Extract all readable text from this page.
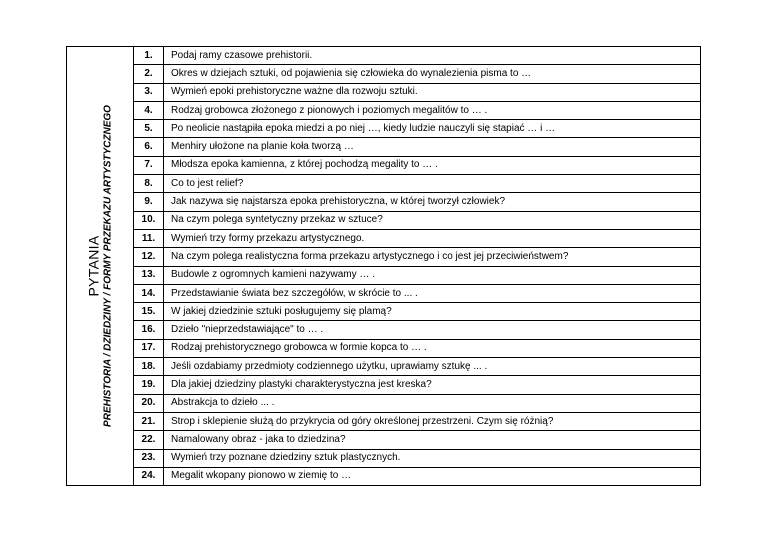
PYTANIA PREHISTORIA / DZIEDZINY / FORMY PRZEKAZU ARTYSTYCZNEGO	1.	Podaj ramy czasowe prehistorii.
	2.	Okres w dziejach sztuki, od pojawienia się człowieka do wynalezienia pisma to …
	3.	Wymień epoki prehistoryczne ważne dla rozwoju sztuki.
	4.	Rodzaj grobowca złożonego z pionowych i poziomych megalitów to … .
	5.	Po neolicie nastąpiła epoka miedzi a po niej …, kiedy ludzie nauczyli się stapiać … i …
	6.	Menhiry ułożone na planie koła tworzą …
	7.	Młodsza epoka kamienna, z której pochodzą megality to … .
	8.	Co to jest relief?
	9.	Jak nazywa się najstarsza epoka prehistoryczna, w której tworzył człowiek?
	10.	Na czym polega syntetyczny przekaz w sztuce?
	11.	Wymień trzy formy przekazu artystycznego.
	12.	Na czym polega realistyczna forma przekazu artystycznego i co jest jej przeciwieństwem?
	13.	Budowle z ogromnych kamieni nazywamy … .
	14.	Przedstawianie świata bez szczegółów, w skrócie to ... .
	15.	W jakiej dziedzinie sztuki posługujemy się plamą?
	16.	Dzieło "nieprzedstawiające" to … .
	17.	Rodzaj prehistorycznego grobowca w formie kopca to … .
	18.	Jeśli ozdabiamy przedmioty codziennego użytku, uprawiamy sztukę ... .
	19.	Dla jakiej dziedziny plastyki charakterystyczna jest kreska?
	20.	Abstrakcja to dzieło ... .
	21.	Strop i sklepienie służą do przykrycia od góry określonej przestrzeni. Czym się różnią?
	22.	Namalowany obraz - jaka to dziedzina?
	23.	Wymień trzy poznane dziedziny sztuk plastycznych.
	24.	Megalit wkopany pionowo w ziemię to …
